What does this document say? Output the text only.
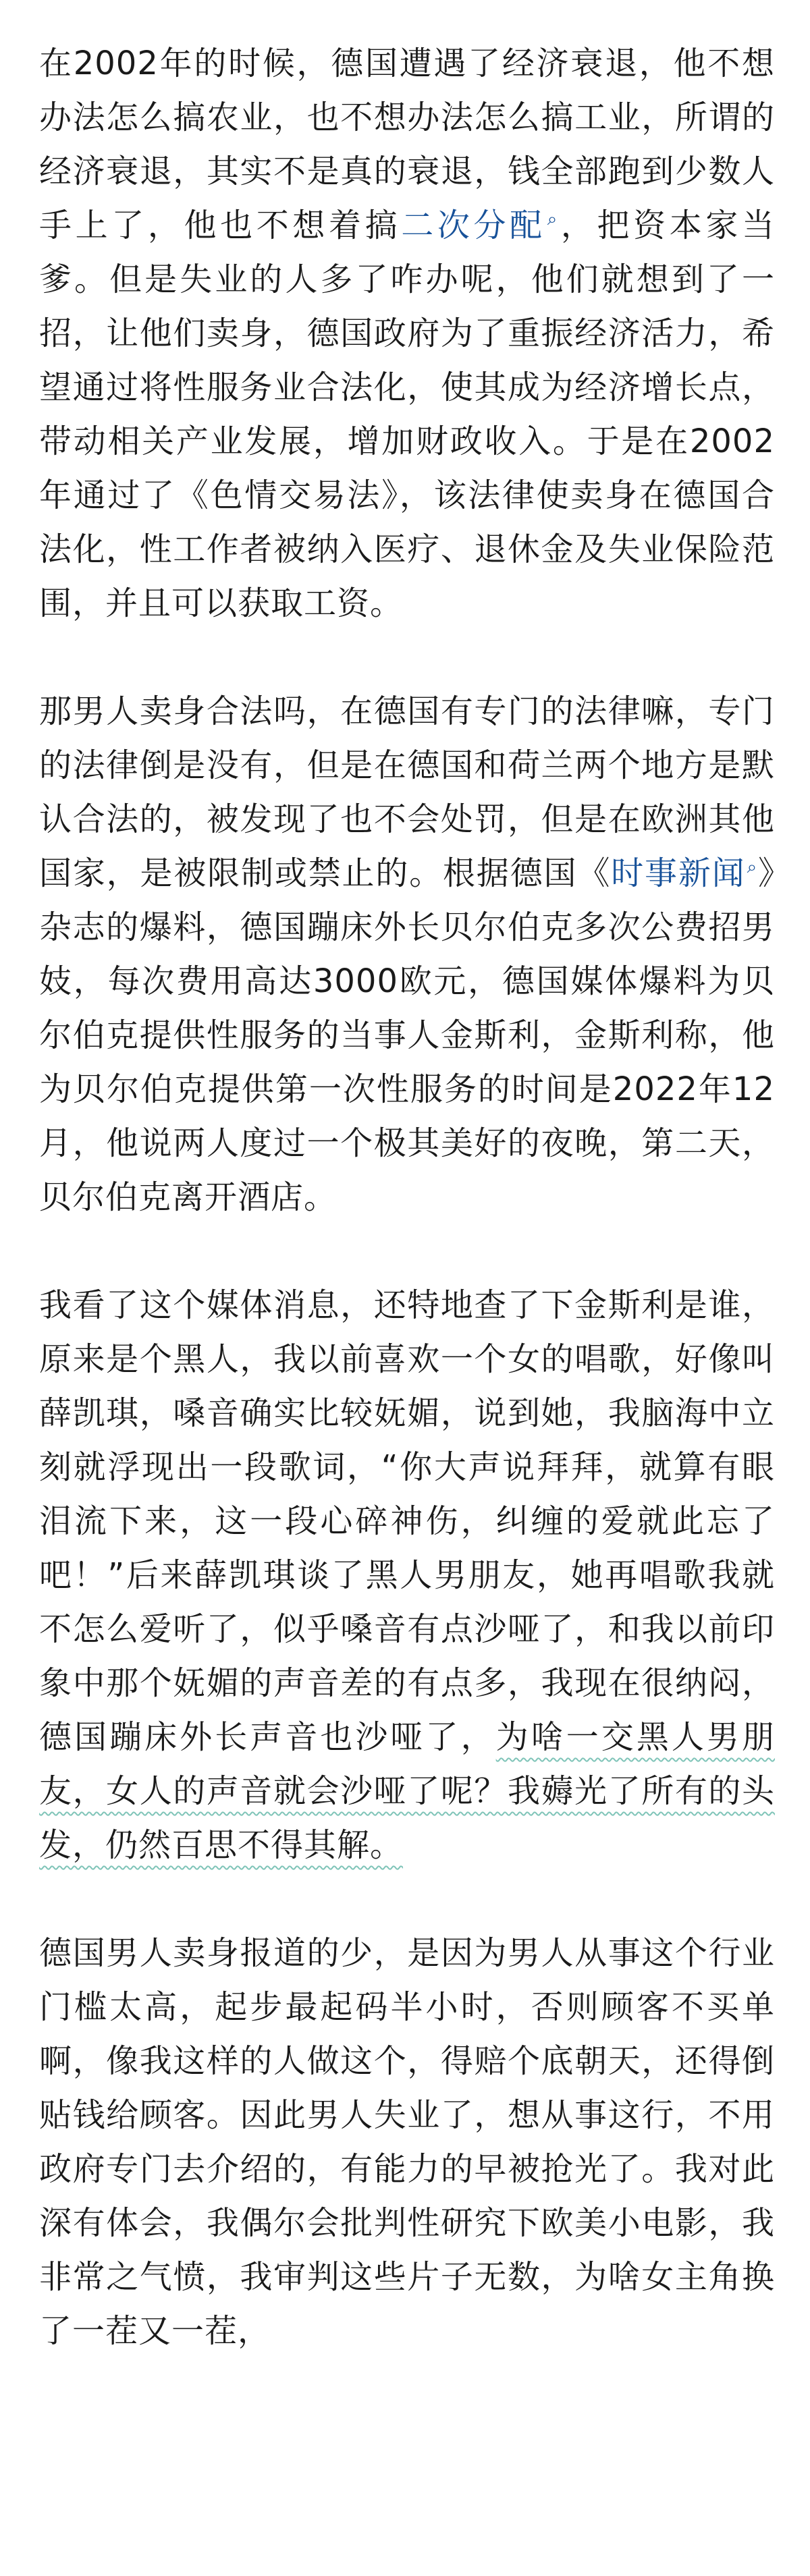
在2002年的时候，德国遭遇了经济衰退，他不想办法怎么搞农业，也不想办法怎么搞工业，所谓的经济衰退，其实不是真的衰退，钱全部跑到少数人手上了，他也不想着搞二次分配⌕，把资本家当爹。但是失业的人多了咋办呢，他们就想到了一招，让他们卖身，德国政府为了重振经济活力，希望通过将性服务业合法化，使其成为经济增长点，带动相关产业发展，增加财政收入。于是在2002 年通过了《色情交易法》，该法律使卖身在德国合法化，性工作者被纳入医疗、退休金及失业保险范围，并且可以获取工资。

那男人卖身合法吗，在德国有专门的法律嘛，专门的法律倒是没有，但是在德国和荷兰两个地方是默认合法的，被发现了也不会处罚，但是在欧洲其他国家，是被限制或禁止的。根据德国《时事新闻⌕》杂志的爆料，德国蹦床外长贝尔伯克多次公费招男妓，每次费用高达3000欧元，德国媒体爆料为贝尔伯克提供性服务的当事人金斯利，金斯利称，他为贝尔伯克提供第一次性服务的时间是2022年12月，他说两人度过一个极其美好的夜晚，第二天，贝尔伯克离开酒店。

我看了这个媒体消息，还特地查了下金斯利是谁，原来是个黑人，我以前喜欢一个女的唱歌，好像叫薛凯琪，嗓音确实比较妩媚，说到她，我脑海中立刻就浮现出一段歌词，“你大声说拜拜，就算有眼泪流下来，这一段心碎神伤，纠缠的爱就此忘了吧！”后来薛凯琪谈了黑人男朋友，她再唱歌我就不怎么爱听了，似乎嗓音有点沙哑了，和我以前印象中那个妩媚的声音差的有点多，我现在很纳闷，德国蹦床外长声音也沙哑了，为啥一交黑人男朋友，女人的声音就会沙哑了呢？我薅光了所有的头发，仍然百思不得其解。

德国男人卖身报道的少，是因为男人从事这个行业门槛太高，起步最起码半小时，否则顾客不买单啊，像我这样的人做这个，得赔个底朝天，还得倒贴钱给顾客。因此男人失业了，想从事这行，不用政府专门去介绍的，有能力的早被抢光了。我对此深有体会，我偶尔会批判性研究下欧美小电影，我非常之气愤，我审判这些片子无数，为啥女主角换了一茬又一茬，
